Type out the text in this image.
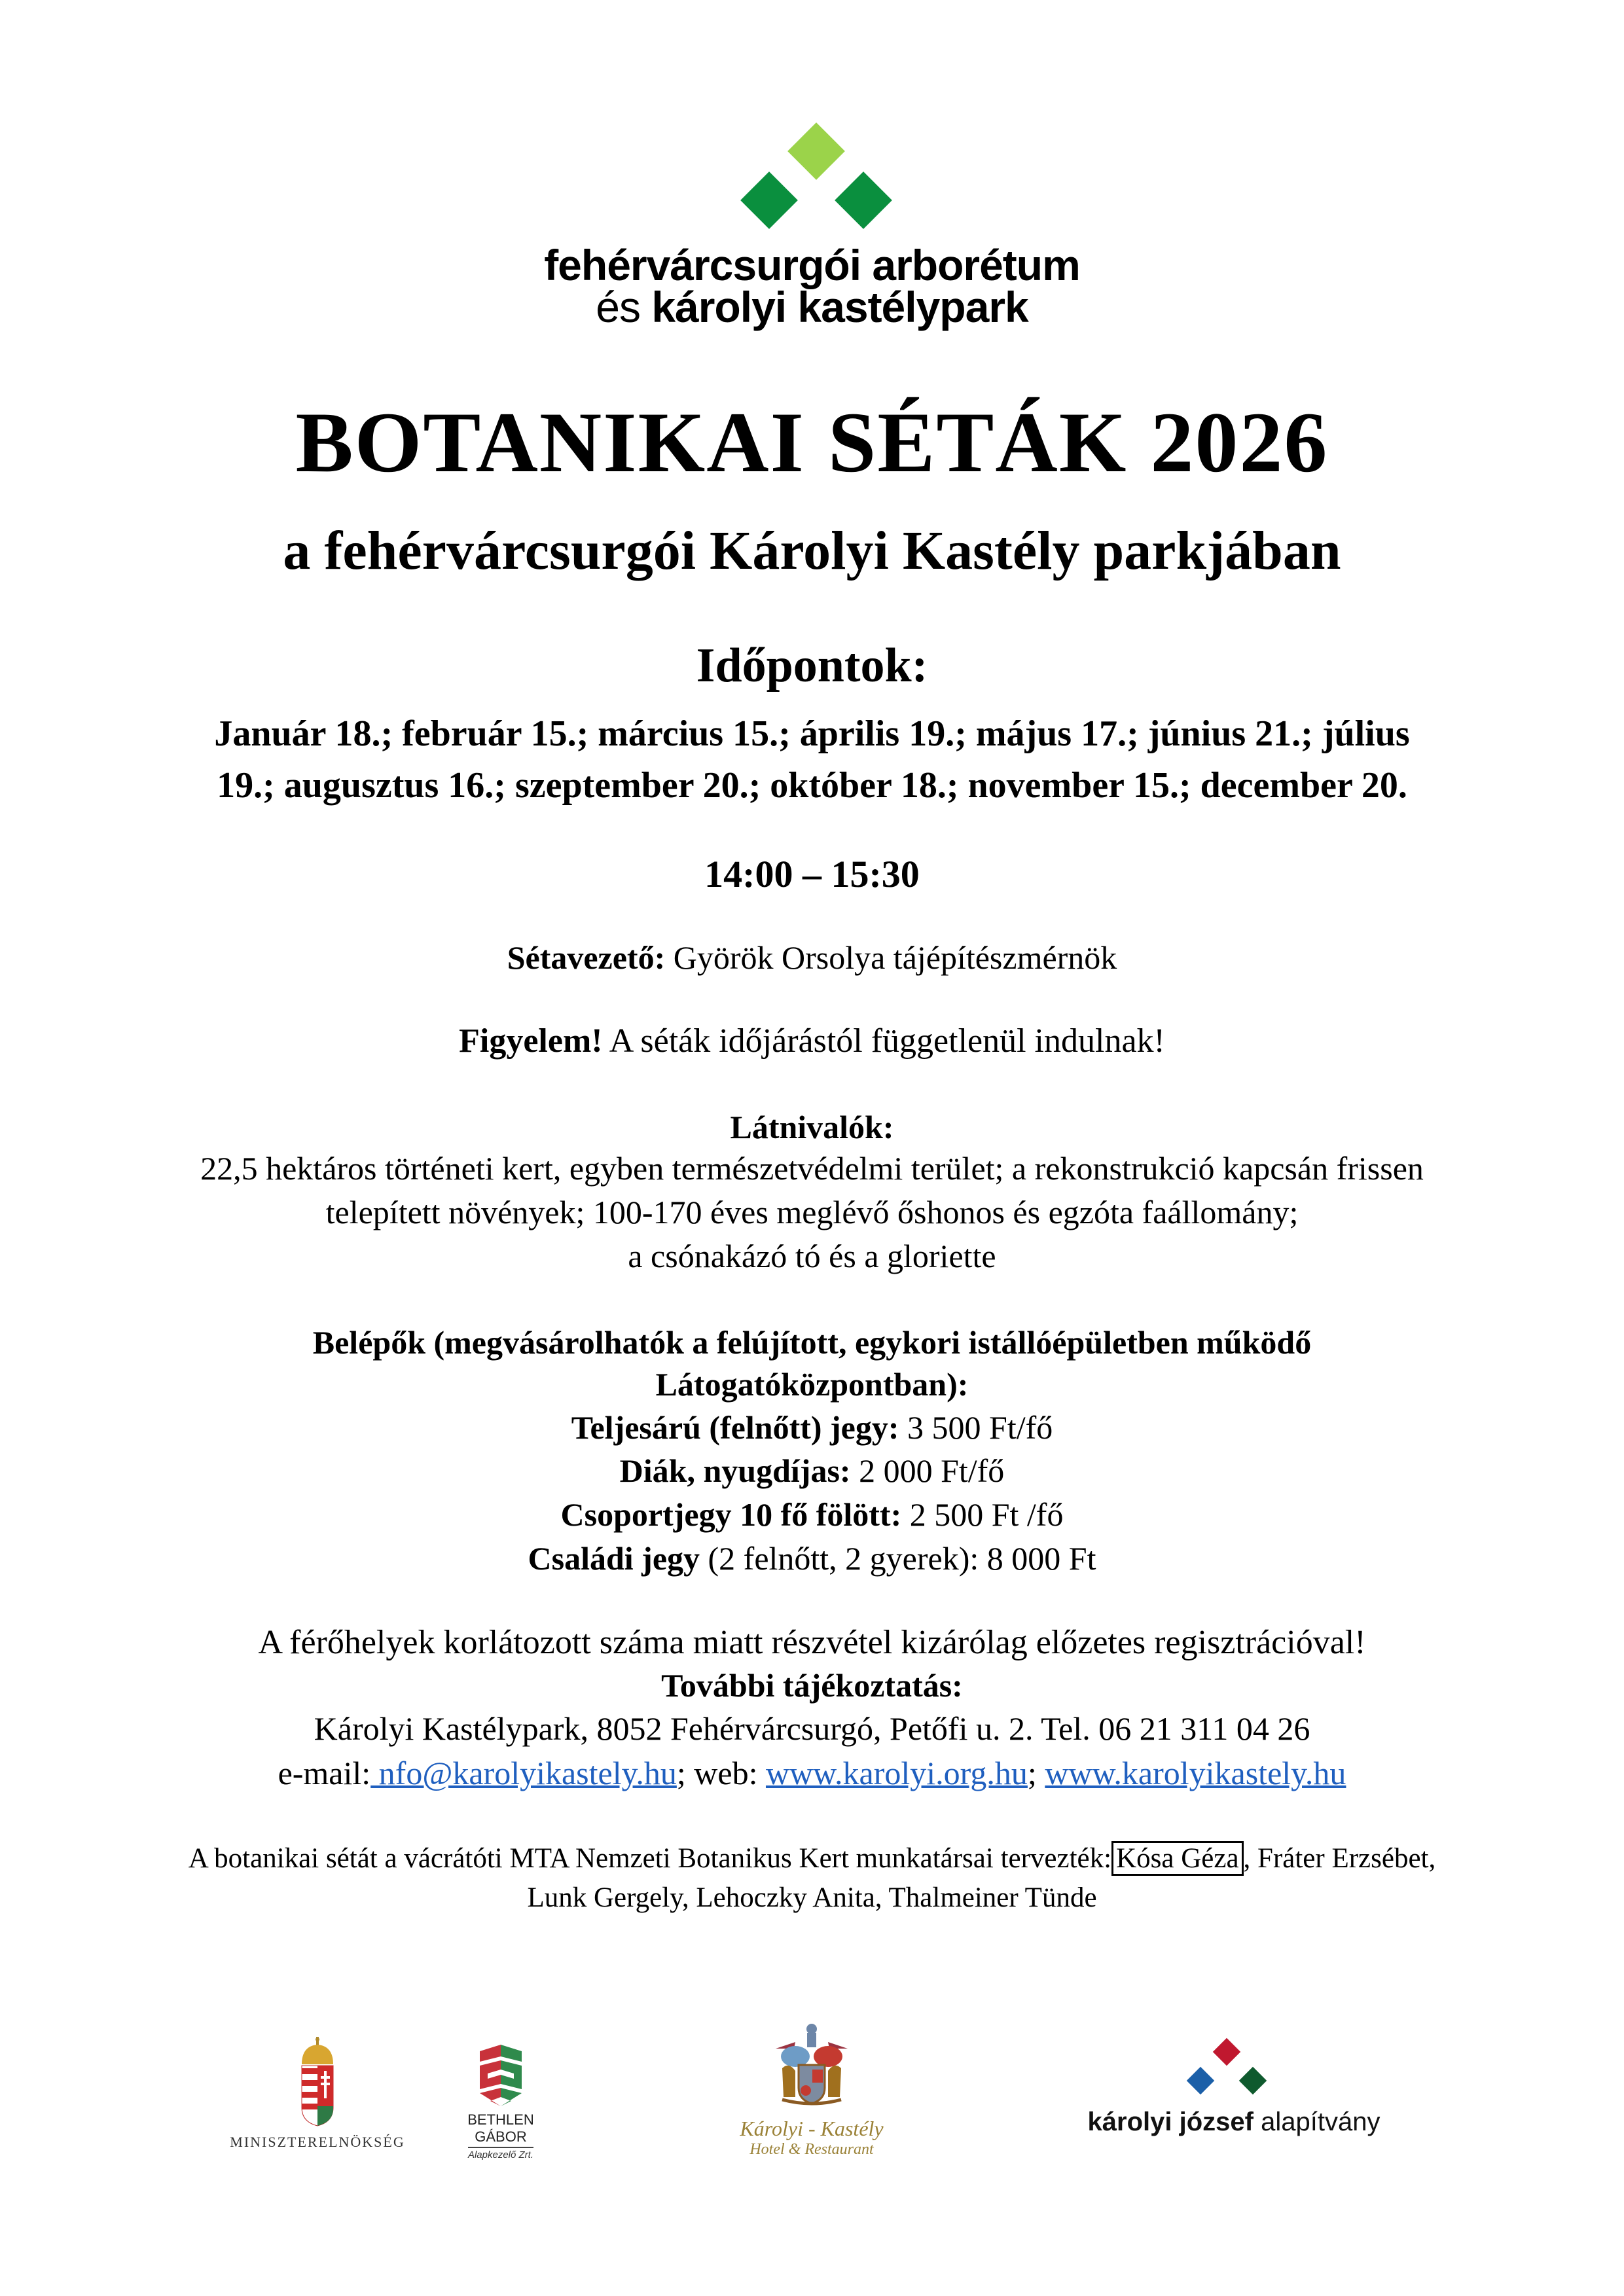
fehérvárcsurgói arborétum
és károlyi kastélypark
BOTANIKAI SÉTÁK 2026
a fehérvárcsurgói Károlyi Kastély parkjában
Időpontok:
Január 18.; február 15.; március 15.; április 19.; május 17.; június 21.; július
19.; augusztus 16.; szeptember 20.; október 18.; november 15.; december 20.
14:00 – 15:30
Sétavezető: Györök Orsolya tájépítészmérnök
Figyelem! A séták időjárástól függetlenül indulnak!
Látnivalók:
22,5 hektáros történeti kert, egyben természetvédelmi terület; a rekonstrukció kapcsán frissen
telepített növények; 100-170 éves meglévő őshonos és egzóta faállomány;
a csónakázó tó és a gloriette
Belépők (megvásárolhatók a felújított, egykori istállóépületben működő
Látogatóközpontban):
Teljesárú (felnőtt) jegy: 3 500 Ft/fő
Diák, nyugdíjas: 2 000 Ft/fő
Csoportjegy 10 fő fölött: 2 500 Ft /fő
Családi jegy (2 felnőtt, 2 gyerek): 8 000 Ft
A férőhelyek korlátozott száma miatt részvétel kizárólag előzetes regisztrációval!
További tájékoztatás:
Károlyi Kastélypark, 8052 Fehérvárcsurgó, Petőfi u. 2. Tel. 06 21 311 04 26
e-mail: nfo@karolyikastely.hu; web: www.karolyi.org.hu; www.karolyikastely.hu
A botanikai sétát a vácrátóti MTA Nemzeti Botanikus Kert munkatársai tervezték: Kósa Géza , Fráter Erzsébet,
Lunk Gergely, Lehoczky Anita, Thalmeiner Tünde
MINISZTERELNÖKSÉG
BETHLEN GÁBOR
Alapkezelő Zrt.
Károlyi - Kastély
Hotel & Restaurant
károlyi józsef alapítvány
